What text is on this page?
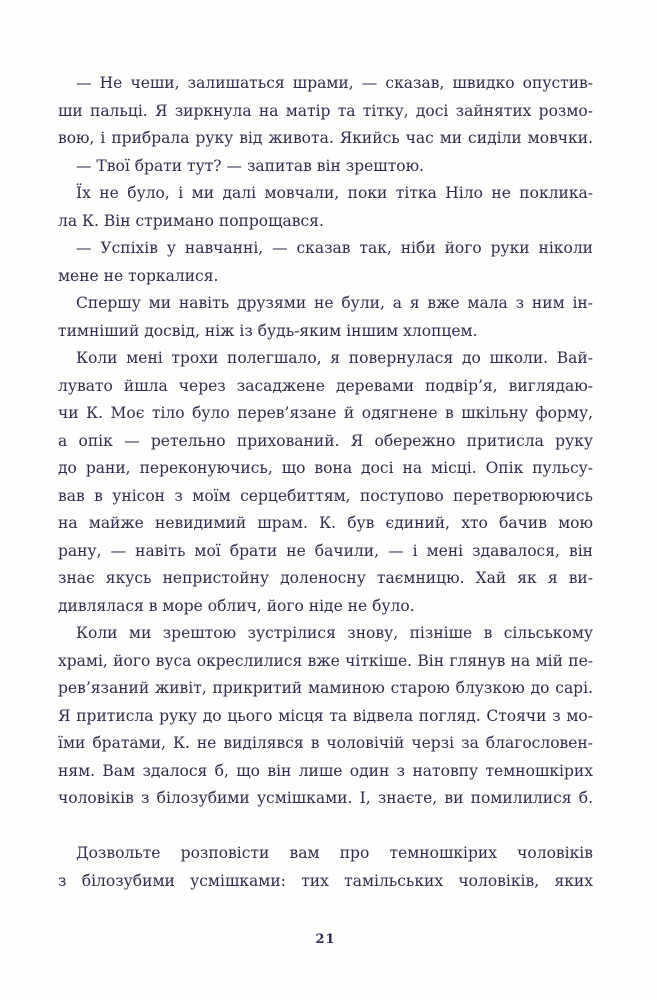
— Не чеши, залишаться шрами, — сказав, швидко опустив-
ши пальці. Я зиркнула на матір та тітку, досі зайнятих розмо-
вою, і прибрала руку від живота. Якийсь час ми сиділи мовчки.
— Твої брати тут? — запитав він зрештою.
Їх не було, і ми далі мовчали, поки тітка Ніло не поклика-
ла К. Він стримано попрощався.
— Успіхів у навчанні, — сказав так, ніби його руки ніколи
мене не торкалися.
Спершу ми навіть друзями не були, а я вже мала з ним ін-
тимніший досвід, ніж із будь-яким іншим хлопцем.
Коли мені трохи полегшало, я повернулася до школи. Вай-
лувато йшла через засаджене деревами подвір’я, виглядаю-
чи К. Моє тіло було перев’язане й одягнене в шкільну форму,
а опік — ретельно прихований. Я обережно притисла руку
до рани, переконуючись, що вона досі на місці. Опік пульсу-
вав в унісон з моїм серцебиттям, поступово перетворюючись
на майже невидимий шрам. К. був єдиний, хто бачив мою
рану, — навіть мої брати не бачили, — і мені здавалося, він
знає якусь непристойну доленосну таємницю. Хай як я ви-
дивлялася в море облич, його ніде не було.
Коли ми зрештою зустрілися знову, пізніше в сільському
храмі, його вуса окреслилися вже чіткіше. Він глянув на мій пе-
рев’язаний живіт, прикритий маминою старою блузкою до сарі.
Я притисла руку до цього місця та відвела погляд. Стоячи з мо-
їми братами, К. не виділявся в чоловічій черзі за благословен-
ням. Вам здалося б, що він лише один з натовпу темношкірих
чоловіків з білозубими усмішками. І, знаєте, ви помилилися б.
Дозвольте розповісти вам про темношкірих чоловіків
з білозубими усмішками: тих тамільських чоловіків, яких
21
